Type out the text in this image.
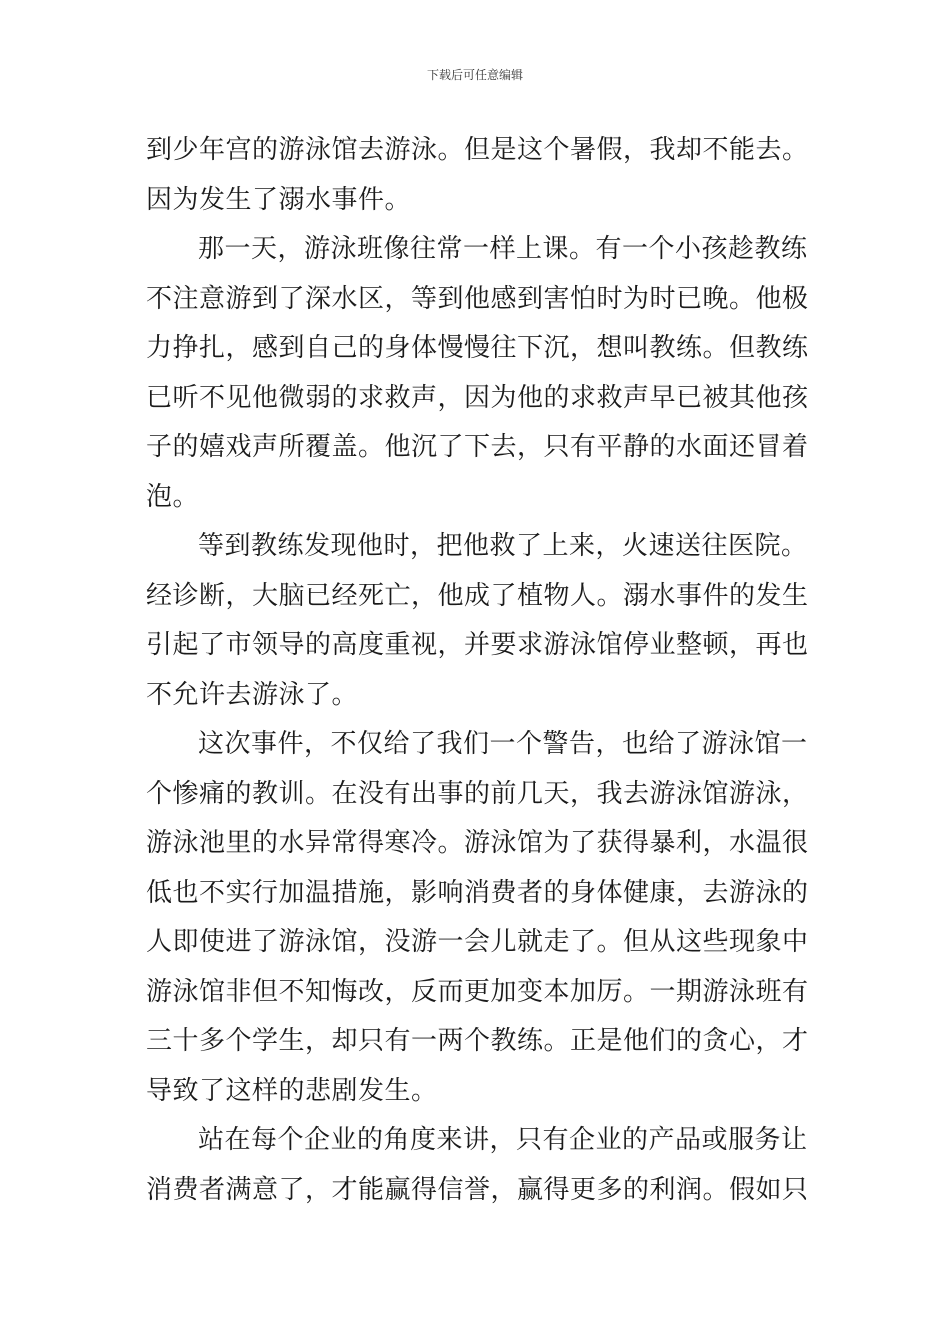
下载后可任意编辑
到少年宫的游泳馆去游泳。但是这个暑假，我却不能去。
因为发生了溺水事件。
那一天，游泳班像往常一样上课。有一个小孩趁教练
不注意游到了深水区，等到他感到害怕时为时已晚。他极
力挣扎，感到自己的身体慢慢往下沉，想叫教练。但教练
已听不见他微弱的求救声，因为他的求救声早已被其他孩
子的嬉戏声所覆盖。他沉了下去，只有平静的水面还冒着
泡。
等到教练发现他时，把他救了上来，火速送往医院。
经诊断，大脑已经死亡，他成了植物人。溺水事件的发生
引起了市领导的高度重视，并要求游泳馆停业整顿，再也
不允许去游泳了。
这次事件，不仅给了我们一个警告，也给了游泳馆一
个惨痛的教训。在没有出事的前几天，我去游泳馆游泳，
游泳池里的水异常得寒冷。游泳馆为了获得暴利，水温很
低也不实行加温措施，影响消费者的身体健康，去游泳的
人即使进了游泳馆，没游一会儿就走了。但从这些现象中
游泳馆非但不知悔改，反而更加变本加厉。一期游泳班有
三十多个学生，却只有一两个教练。正是他们的贪心，才
导致了这样的悲剧发生。
站在每个企业的角度来讲，只有企业的产品或服务让
消费者满意了，才能赢得信誉，赢得更多的利润。假如只
